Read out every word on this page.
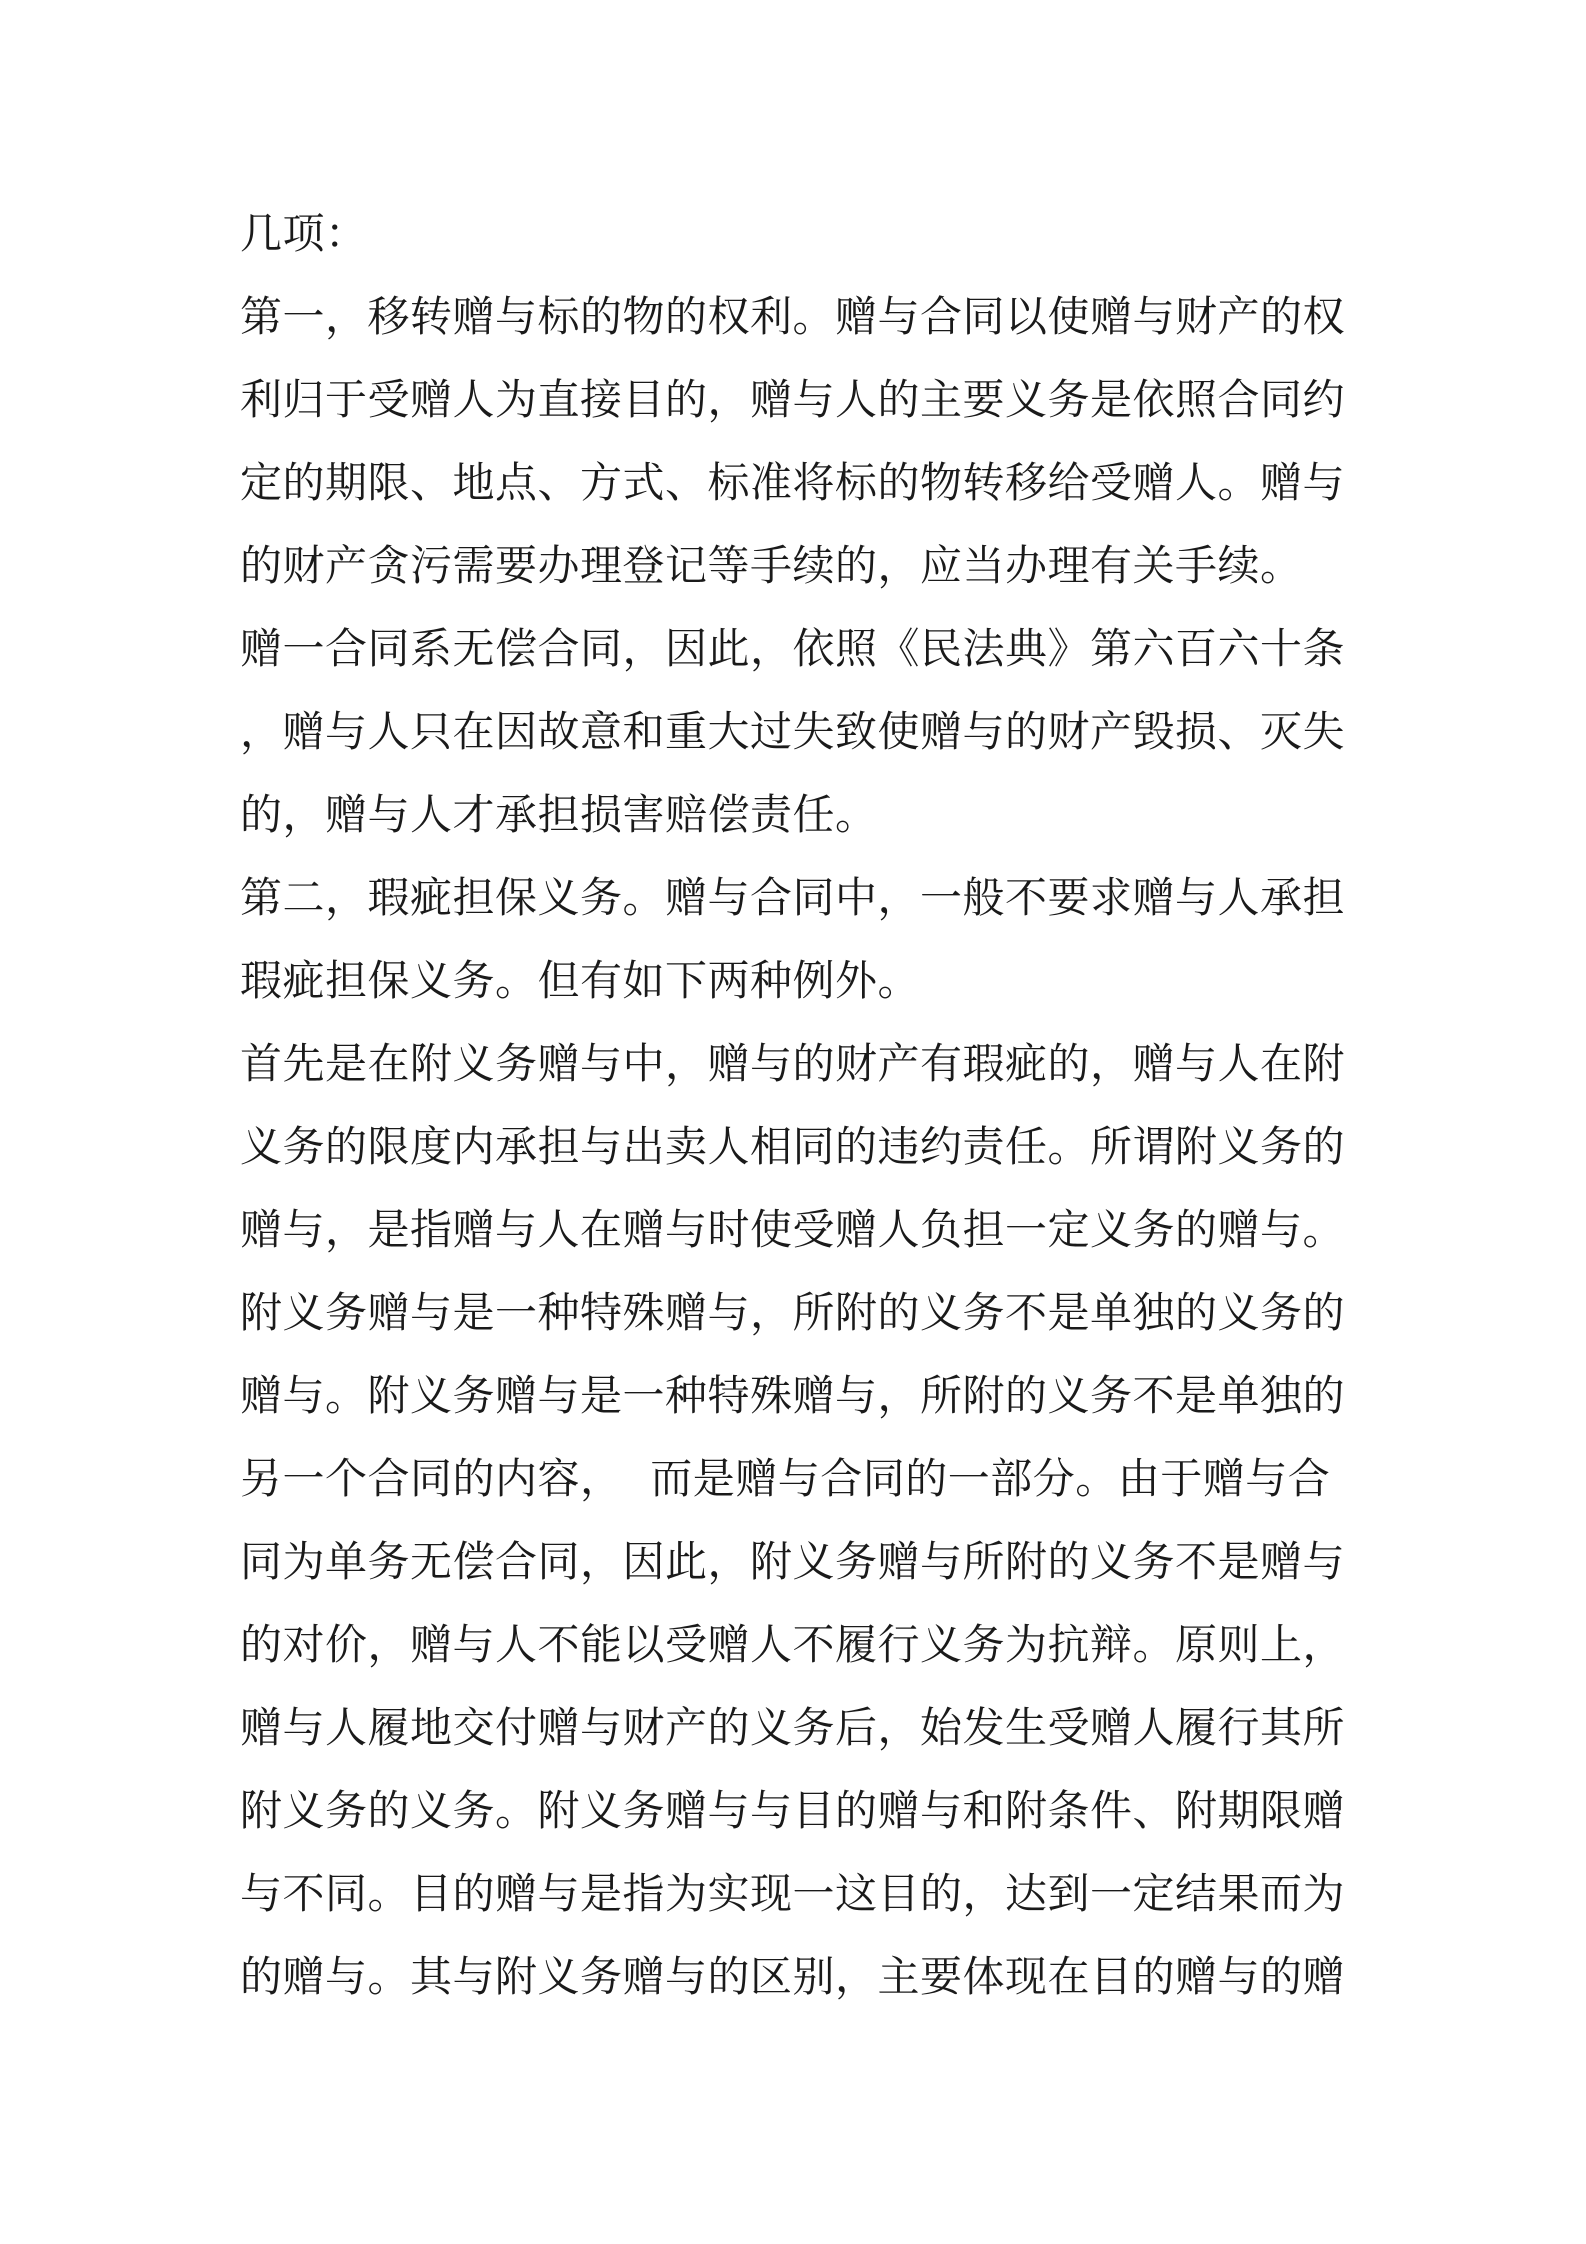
几项：
第一，移转赠与标的物的权利。赠与合同以使赠与财产的权
利归于受赠人为直接目的，赠与人的主要义务是依照合同约
定的期限、地点、方式、标准将标的物转移给受赠人。赠与
的财产贪污需要办理登记等手续的，应当办理有关手续。
赠一合同系无偿合同，因此，依照《民法典》第六百六十条
，赠与人只在因故意和重大过失致使赠与的财产毁损、灭失
的，赠与人才承担损害赔偿责任。
第二，瑕疵担保义务。赠与合同中，一般不要求赠与人承担
瑕疵担保义务。但有如下两种例外。
首先是在附义务赠与中，赠与的财产有瑕疵的，赠与人在附
义务的限度内承担与出卖人相同的违约责任。所谓附义务的
赠与，是指赠与人在赠与时使受赠人负担一定义务的赠与。
附义务赠与是一种特殊赠与，所附的义务不是单独的义务的
赠与。附义务赠与是一种特殊赠与，所附的义务不是单独的
另一个合同的内容，  而是赠与合同的一部分。由于赠与合
同为单务无偿合同，因此，附义务赠与所附的义务不是赠与
的对价，赠与人不能以受赠人不履行义务为抗辩。原则上，
赠与人履地交付赠与财产的义务后，始发生受赠人履行其所
附义务的义务。附义务赠与与目的赠与和附条件、附期限赠
与不同。目的赠与是指为实现一这目的，达到一定结果而为
的赠与。其与附义务赠与的区别，主要体现在目的赠与的赠
